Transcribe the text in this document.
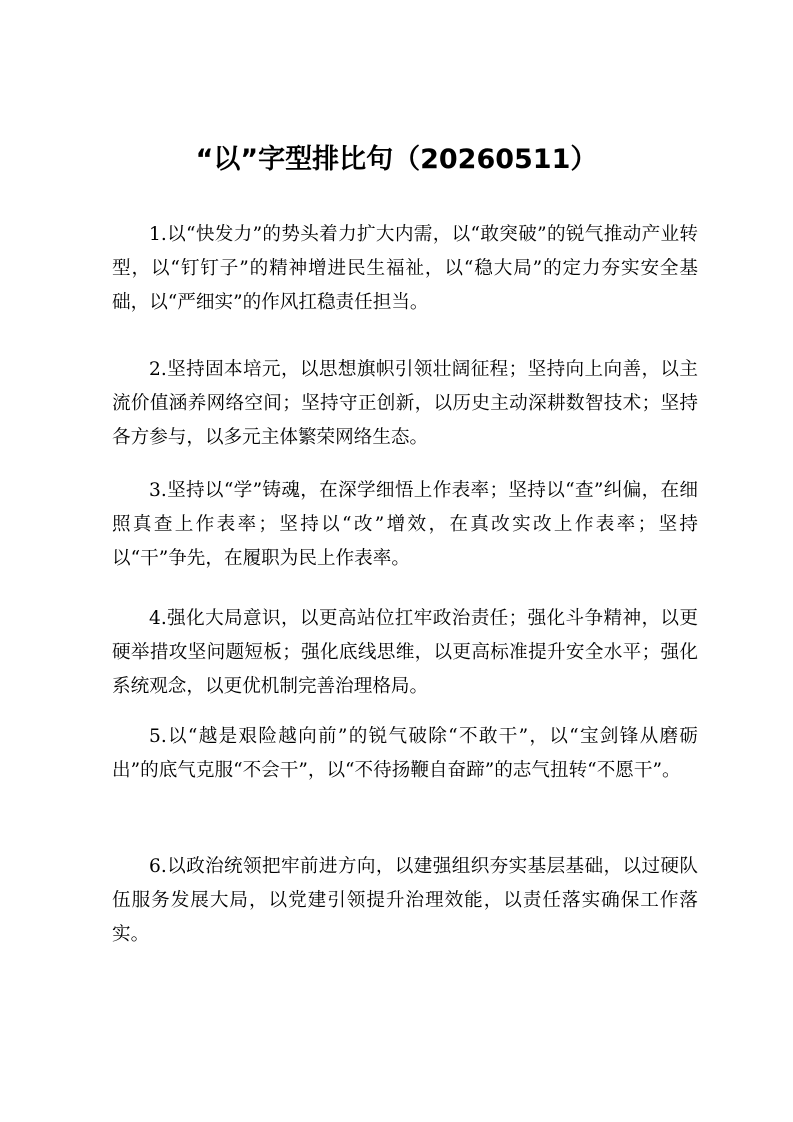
“以”字型排比句（20260511）

1.以“快发力”的势头着力扩大内需，以“敢突破”的锐气推动产业转型，以“钉钉子”的精神增进民生福祉，以“稳大局”的定力夯实安全基础，以“严细实”的作风扛稳责任担当。

2.坚持固本培元，以思想旗帜引领壮阔征程；坚持向上向善，以主流价值涵养网络空间；坚持守正创新，以历史主动深耕数智技术；坚持各方参与，以多元主体繁荣网络生态。

3.坚持以“学”铸魂，在深学细悟上作表率；坚持以“查”纠偏，在细照真查上作表率；坚持以“改”增效，在真改实改上作表率；坚持以“干”争先，在履职为民上作表率。

4.强化大局意识，以更高站位扛牢政治责任；强化斗争精神，以更硬举措攻坚问题短板；强化底线思维，以更高标准提升安全水平；强化系统观念，以更优机制完善治理格局。

5.以“越是艰险越向前”的锐气破除“不敢干”，以“宝剑锋从磨砺出”的底气克服“不会干”，以“不待扬鞭自奋蹄”的志气扭转“不愿干”。

6.以政治统领把牢前进方向，以建强组织夯实基层基础，以过硬队伍服务发展大局，以党建引领提升治理效能，以责任落实确保工作落实。
